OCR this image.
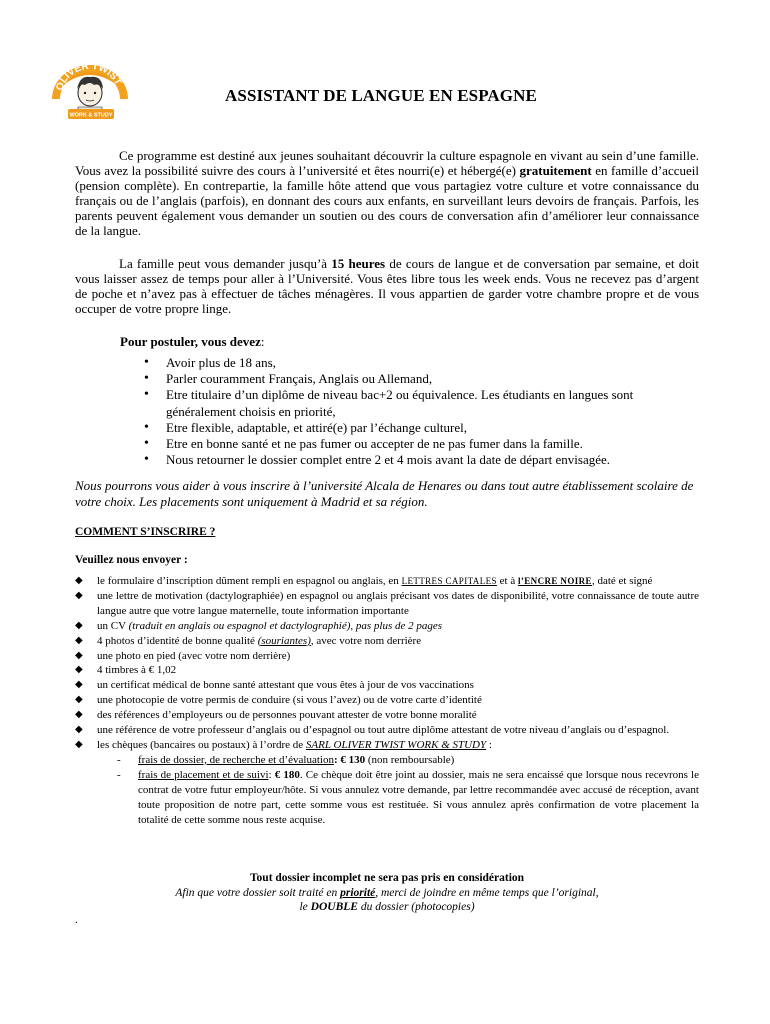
OLIVER TWIST
WORK & STUDY
ASSISTANT DE LANGUE EN ESPAGNE

Ce programme est destiné aux jeunes souhaitant découvrir la culture espagnole en vivant au sein d’une famille. Vous avez la possibilité suivre des cours à l’université et êtes nourri(e) et hébergé(e) gratuitement en famille d’accueil (pension complète). En contrepartie, la famille hôte attend que vous partagiez votre culture et votre connaissance du français ou de l’anglais (parfois), en donnant des cours aux enfants, en surveillant leurs devoirs de français. Parfois, les parents peuvent également vous demander un soutien ou des cours de conversation afin d’améliorer leur connaissance de la langue.

La famille peut vous demander jusqu’à 15 heures de cours de langue et de conversation par semaine, et doit vous laisser assez de temps pour aller à l’Université. Vous êtes libre tous les week ends. Vous ne recevez pas d’argent de poche et n’avez pas à effectuer de tâches ménagères. Il vous appartien de garder votre chambre propre et de vous occuper de votre propre linge.

Pour postuler, vous devez:

• Avoir plus de 18 ans,
• Parler couramment Français, Anglais ou Allemand,
• Etre titulaire d’un diplôme de niveau bac+2 ou équivalence. Les étudiants en langues sont généralement choisis en priorité,
• Etre flexible, adaptable, et attiré(e) par l’échange culturel,
• Etre en bonne santé et ne pas fumer ou accepter de ne pas fumer dans la famille.
• Nous retourner le dossier complet entre 2 et 4 mois avant la date de départ envisagée.

Nous pourrons vous aider à vous inscrire à l’université Alcala de Henares ou dans tout autre établissement scolaire de votre choix. Les placements sont uniquement à Madrid et sa région.

COMMENT S’INSCRIRE ?

Veuillez nous envoyer :

◆ le formulaire d’inscription dûment rempli en espagnol ou anglais, en LETTRES CAPITALES et à l’ENCRE NOIRE, daté et signé
◆ une lettre de motivation (dactylographiée) en espagnol ou anglais précisant vos dates de disponibilité, votre connaissance de toute autre langue autre que votre langue maternelle, toute information importante
◆ un CV (traduit en anglais ou espagnol et dactylographié), pas plus de 2 pages
◆ 4 photos d’identité de bonne qualité (souriantes), avec votre nom derrière
◆ une photo en pied (avec votre nom derrière)
◆ 4 timbres à € 1,02
◆ un certificat médical de bonne santé attestant que vous êtes à jour de vos vaccinations
◆ une photocopie de votre permis de conduire (si vous l’avez) ou de votre carte d’identité
◆ des références d’employeurs ou de personnes pouvant attester de votre bonne moralité
◆ une référence de votre professeur d’anglais ou d’espagnol ou tout autre diplôme attestant de votre niveau d’anglais ou d’espagnol.
◆ les chèques (bancaires ou postaux) à l’ordre de SARL OLIVER TWIST WORK & STUDY :
- frais de dossier, de recherche et d’évaluation: € 130 (non remboursable)
- frais de placement et de suivi: € 180. Ce chèque doit être joint au dossier, mais ne sera encaissé que lorsque nous recevrons le contrat de votre futur employeur/hôte. Si vous annulez votre demande, par lettre recommandée avec accusé de réception, avant toute proposition de notre part, cette somme vous est restituée. Si vous annulez après confirmation de votre placement la totalité de cette somme nous reste acquise.

Tout dossier incomplet ne sera pas pris en considération

Afin que votre dossier soit traité en priorité, merci de joindre en même temps que l’original,

le DOUBLE du dossier (photocopies)

.
